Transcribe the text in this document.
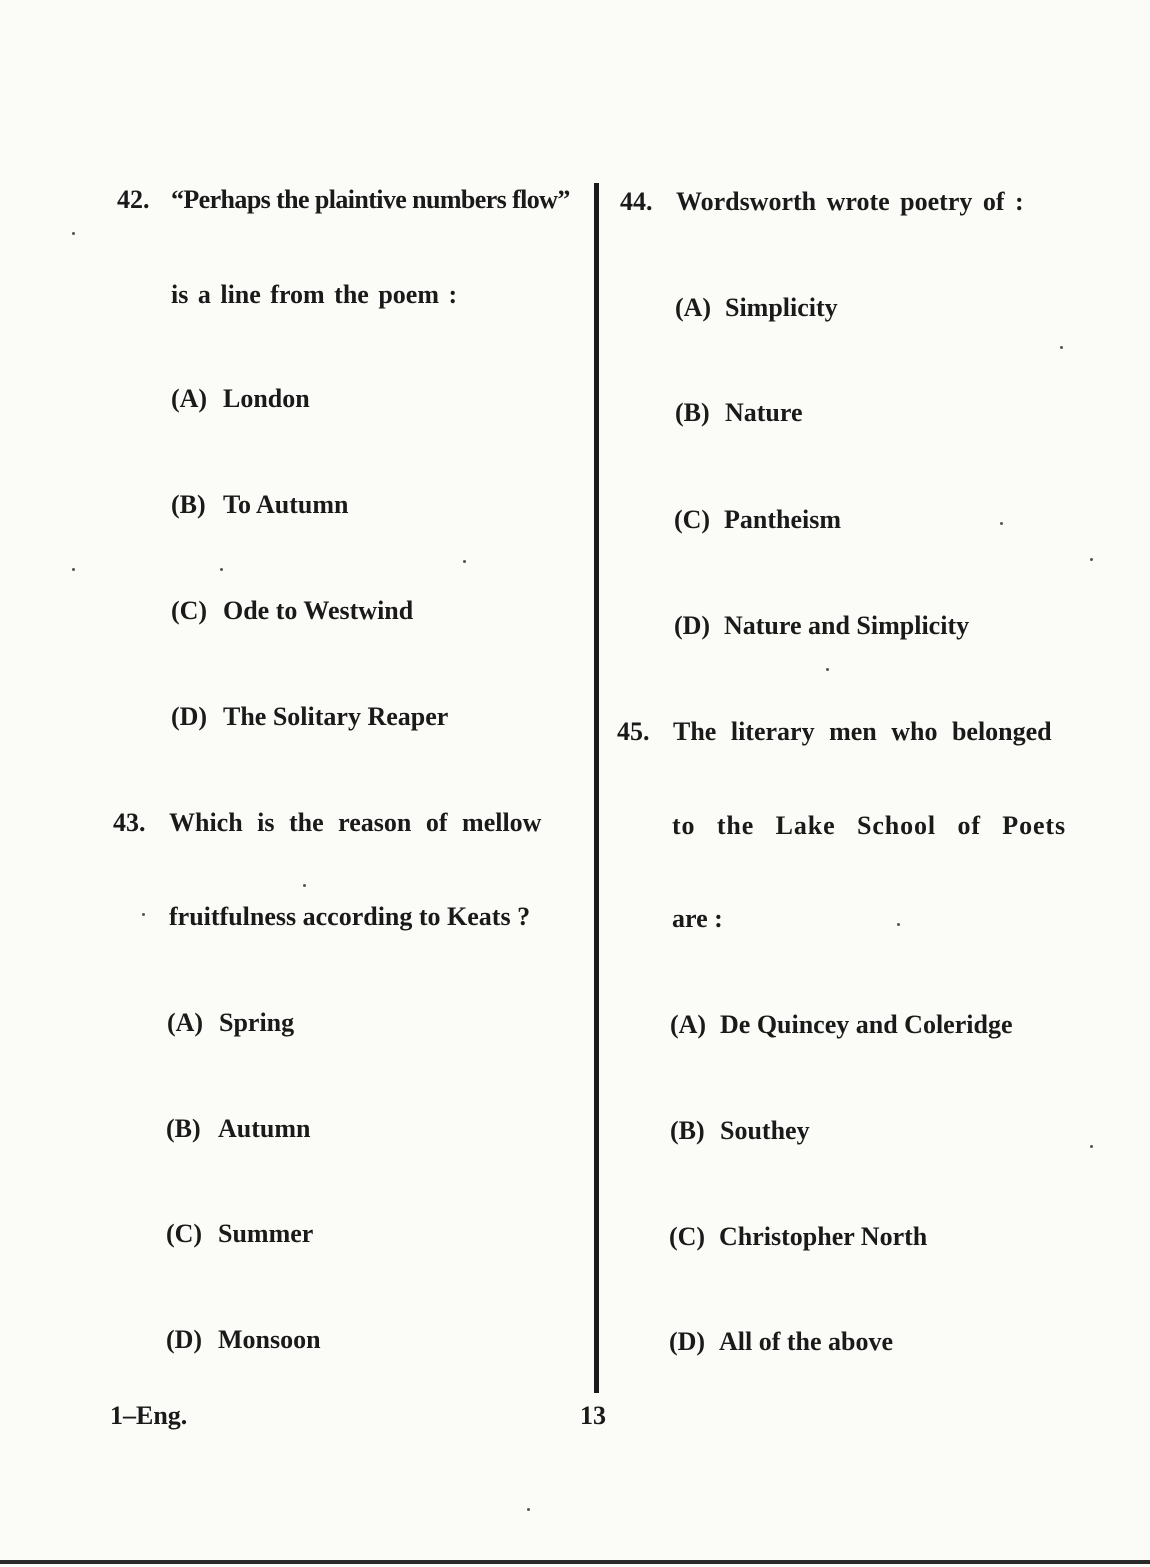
42. “Perhaps the plaintive numbers flow”
is a line from the poem :
(A) London
(B) To Autumn
(C) Ode to Westwind
(D) The Solitary Reaper
43. Which is the reason of mellow
fruitfulness according to Keats ?
(A) Spring
(B) Autumn
(C) Summer
(D) Monsoon
44. Wordsworth wrote poetry of :
(A) Simplicity
(B) Nature
(C) Pantheism
(D) Nature and Simplicity
45. The literary men who belonged
to the Lake School of Poets
are :
(A) De Quincey and Coleridge
(B) Southey
(C) Christopher North
(D) All of the above
1–Eng.	13
